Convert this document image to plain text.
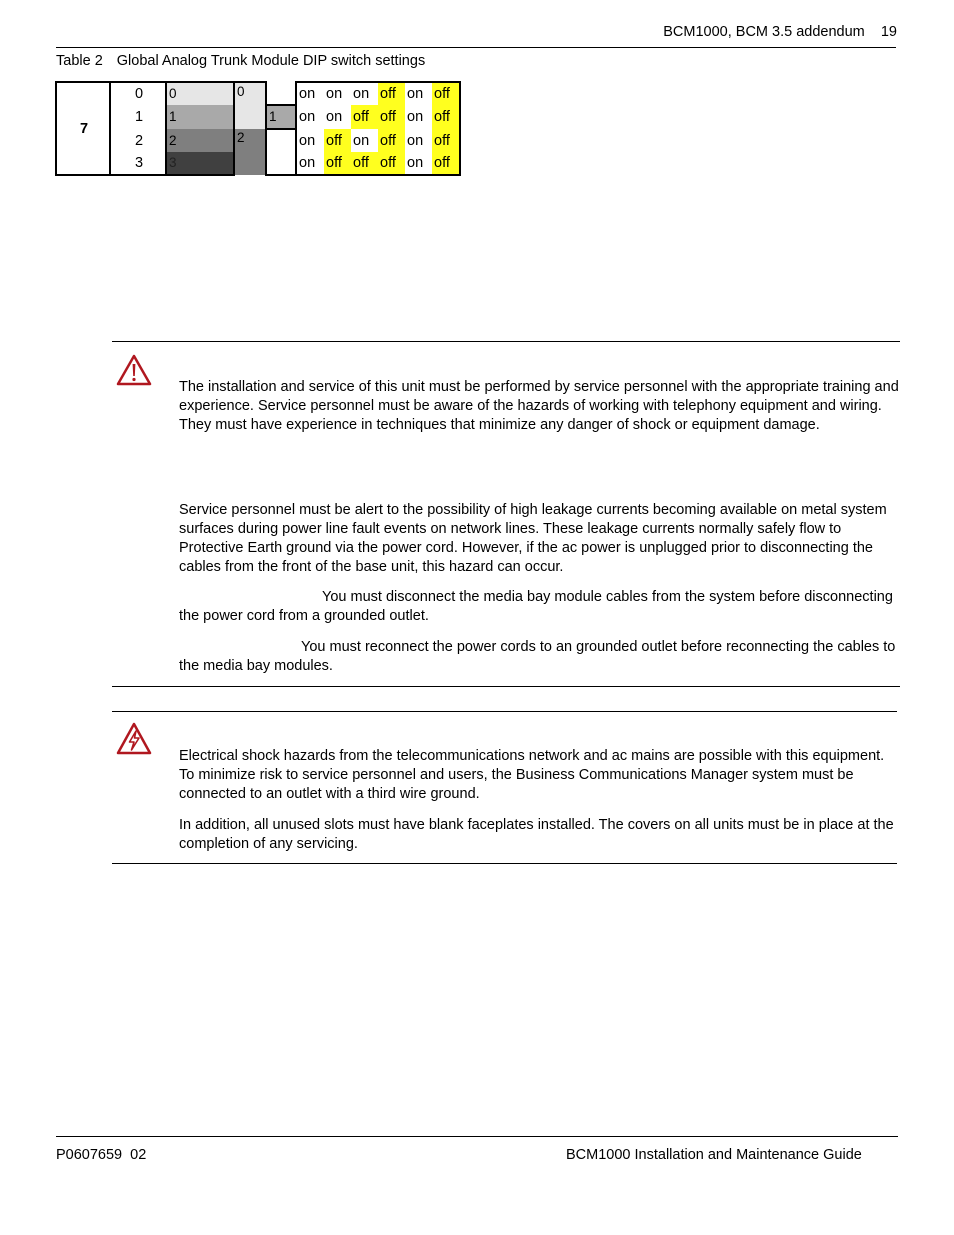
BCM1000, BCM 3.5 addendum    19
Table 2 Global Analog Trunk Module DIP switch settings
7	0	0	0		on	on	on	off	on	off
	1	1		1	on	on	off	off	on	off
	2	2	2		on	off	on	off	on	off
	3	3			on	off	off	off	on	off
The installation and service of this unit must be performed by service personnel with the appropriate training and experience. Service personnel must be aware of the hazards of working with telephony equipment and wiring. They must have experience in techniques that minimize any danger of shock or equipment damage.
Service personnel must be alert to the possibility of high leakage currents becoming available on metal system surfaces during power line fault events on network lines. These leakage currents normally safely flow to Protective Earth ground via the power cord. However, if the ac power is unplugged prior to disconnecting the cables from the front of the base unit, this hazard can occur.
You must disconnect the media bay module cables from the system before disconnecting the power cord from a grounded outlet.
You must reconnect the power cords to an grounded outlet before reconnecting the cables to the media bay modules.
Electrical shock hazards from the telecommunications network and ac mains are possible with this equipment. To minimize risk to service personnel and users, the Business Communications Manager system must be connected to an outlet with a third wire ground.
In addition, all unused slots must have blank faceplates installed. The covers on all units must be in place at the completion of any servicing.
P0607659  02	BCM1000 Installation and Maintenance Guide
